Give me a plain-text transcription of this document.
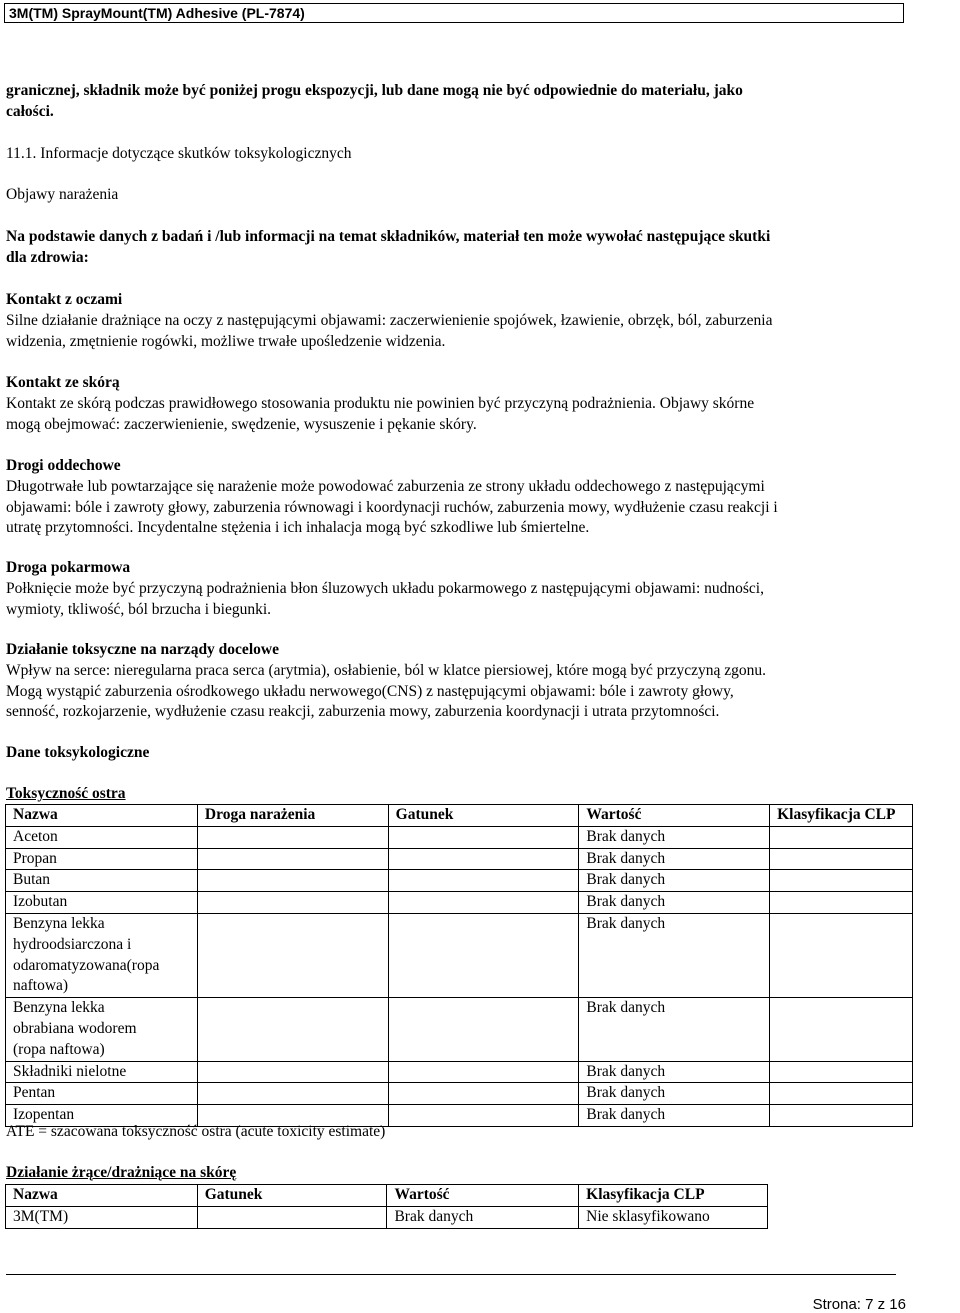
3M(TM) SprayMount(TM) Adhesive (PL-7874)
granicznej, składnik może być poniżej progu ekspozycji, lub dane mogą nie być odpowiednie do materiału, jako
całości.
11.1. Informacje dotyczące skutków toksykologicznych
Objawy narażenia
Na podstawie danych z badań i /lub informacji na temat składników, materiał ten może wywołać następujące skutki
dla zdrowia:
Kontakt z oczami
Silne działanie drażniące na oczy z następującymi objawami: zaczerwienienie spojówek, łzawienie, obrzęk, ból, zaburzenia
widzenia, zmętnienie rogówki, możliwe trwałe upośledzenie widzenia.
Kontakt ze skórą
Kontakt ze skórą podczas prawidłowego stosowania produktu nie powinien być przyczyną podrażnienia. Objawy skórne
mogą obejmować: zaczerwienienie, swędzenie, wysuszenie i pękanie skóry.
Drogi oddechowe
Długotrwałe lub powtarzające się narażenie może powodować zaburzenia ze strony układu oddechowego z następującymi
objawami: bóle i zawroty głowy, zaburzenia równowagi i koordynacji ruchów, zaburzenia mowy, wydłużenie czasu reakcji i
utratę przytomności. Incydentalne stężenia i ich inhalacja mogą być szkodliwe lub śmiertelne.
Droga pokarmowa
Połknięcie może być przyczyną podrażnienia błon śluzowych układu pokarmowego z następującymi objawami: nudności,
wymioty, tkliwość, ból brzucha i biegunki.
Działanie toksyczne na narządy docelowe
Wpływ na serce: nieregularna praca serca (arytmia), osłabienie, ból w klatce piersiowej, które mogą być przyczyną zgonu.
Mogą wystąpić zaburzenia ośrodkowego układu nerwowego(CNS) z następującymi objawami: bóle i zawroty głowy,
senność, rozkojarzenie, wydłużenie czasu reakcji, zaburzenia mowy, zaburzenia koordynacji i utrata przytomności.
Dane toksykologiczne
Toksyczność ostra
Nazwa	Droga narażenia	Gatunek	Wartość	Klasyfikacja CLP
Aceton			Brak danych	
Propan			Brak danych	
Butan			Brak danych	
Izobutan			Brak danych	
Benzyna lekka
hydroodsiarczona i
odaromatyzowana(ropa
naftowa)			Brak danych	
Benzyna lekka
obrabiana wodorem
(ropa naftowa)			Brak danych	
Składniki nielotne			Brak danych	
Pentan			Brak danych	
Izopentan			Brak danych	
ATE = szacowana toksyczność ostra (acute toxicity estimate)
Działanie żrące/drażniące na skórę
Nazwa	Gatunek	Wartość	Klasyfikacja CLP
3M(TM)		Brak danych	Nie sklasyfikowano
Strona: 7 z 16
